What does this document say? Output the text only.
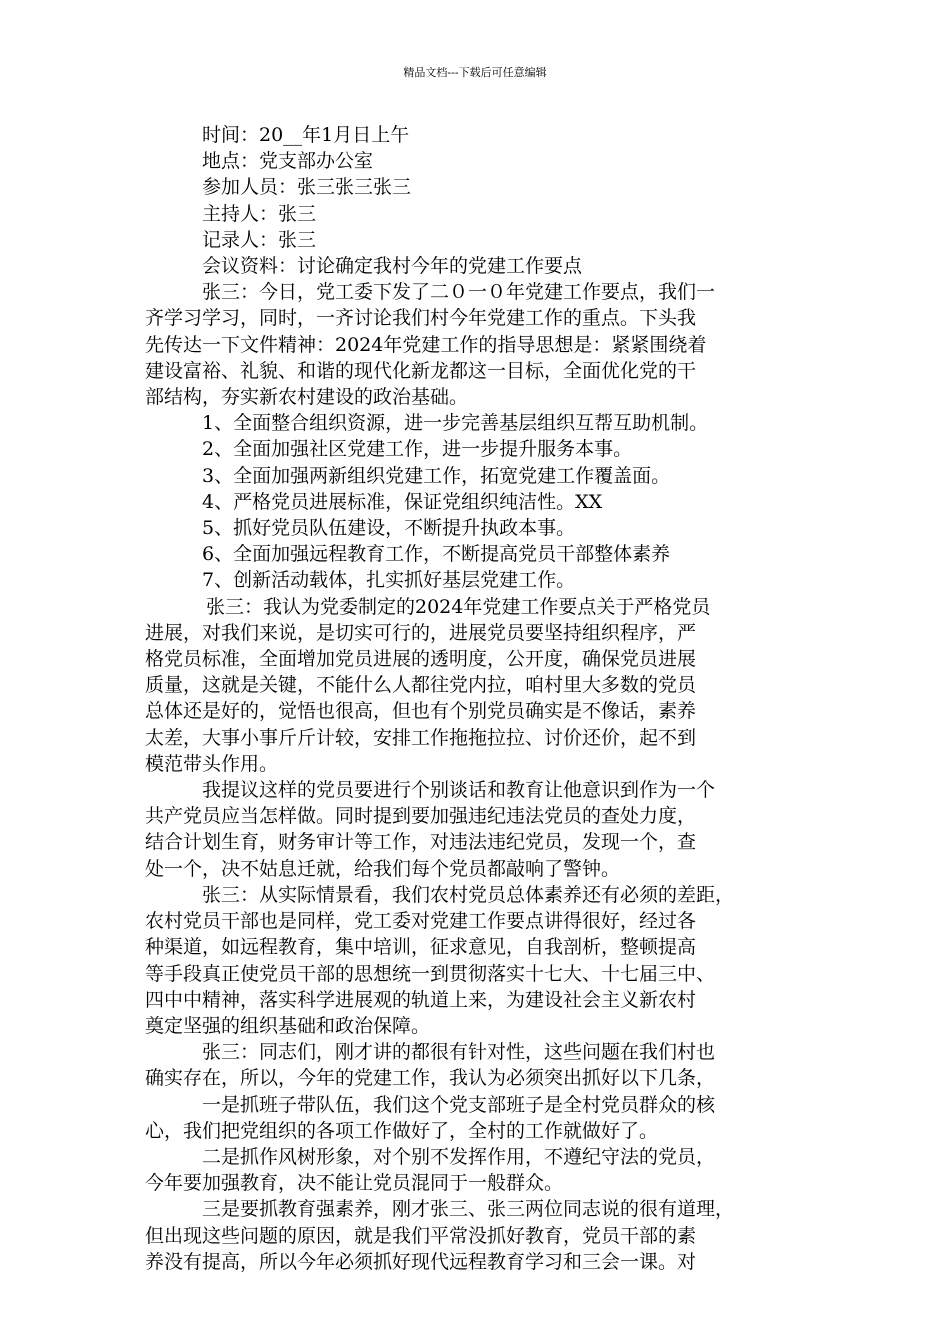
精品文档---下载后可任意编辑
时间：20__年1月日上午
地点：党支部办公室
参加人员：张三张三张三
主持人：张三
记录人：张三
会议资料：讨论确定我村今年的党建工作要点
张三：今日，党工委下发了二０一０年党建工作要点，我们一
齐学习学习，同时，一齐讨论我们村今年党建工作的重点。下头我
先传达一下文件精神：2024年党建工作的指导思想是：紧紧围绕着
建设富裕、礼貌、和谐的现代化新龙都这一目标，全面优化党的干
部结构，夯实新农村建设的政治基础。
1、全面整合组织资源，进一步完善基层组织互帮互助机制。
2、全面加强社区党建工作，进一步提升服务本事。
3、全面加强两新组织党建工作，拓宽党建工作覆盖面。
4、严格党员进展标准，保证党组织纯洁性。XX
5、抓好党员队伍建设，不断提升执政本事。
6、全面加强远程教育工作，不断提高党员干部整体素养
7、创新活动载体，扎实抓好基层党建工作。
张三：我认为党委制定的2024年党建工作要点关于严格党员
进展，对我们来说，是切实可行的，进展党员要坚持组织程序，严
格党员标准，全面增加党员进展的透明度，公开度，确保党员进展
质量，这就是关键，不能什么人都往党内拉，咱村里大多数的党员
总体还是好的，觉悟也很高，但也有个别党员确实是不像话，素养
太差，大事小事斤斤计较，安排工作拖拖拉拉、讨价还价，起不到
模范带头作用。
我提议这样的党员要进行个别谈话和教育让他意识到作为一个
共产党员应当怎样做。同时提到要加强违纪违法党员的查处力度，
结合计划生育，财务审计等工作，对违法违纪党员，发现一个，查
处一个，决不姑息迁就，给我们每个党员都敲响了警钟。
张三：从实际情景看，我们农村党员总体素养还有必须的差距，
农村党员干部也是同样，党工委对党建工作要点讲得很好，经过各
种渠道，如远程教育，集中培训，征求意见，自我剖析，整顿提高
等手段真正使党员干部的思想统一到贯彻落实十七大、十七届三中、
四中中精神，落实科学进展观的轨道上来，为建设社会主义新农村
奠定坚强的组织基础和政治保障。
张三：同志们，刚才讲的都很有针对性，这些问题在我们村也
确实存在，所以，今年的党建工作，我认为必须突出抓好以下几条，
一是抓班子带队伍，我们这个党支部班子是全村党员群众的核
心，我们把党组织的各项工作做好了，全村的工作就做好了。
二是抓作风树形象，对个别不发挥作用，不遵纪守法的党员，
今年要加强教育，决不能让党员混同于一般群众。
三是要抓教育强素养，刚才张三、张三两位同志说的很有道理，
但出现这些问题的原因，就是我们平常没抓好教育，党员干部的素
养没有提高，所以今年必须抓好现代远程教育学习和三会一课。对
